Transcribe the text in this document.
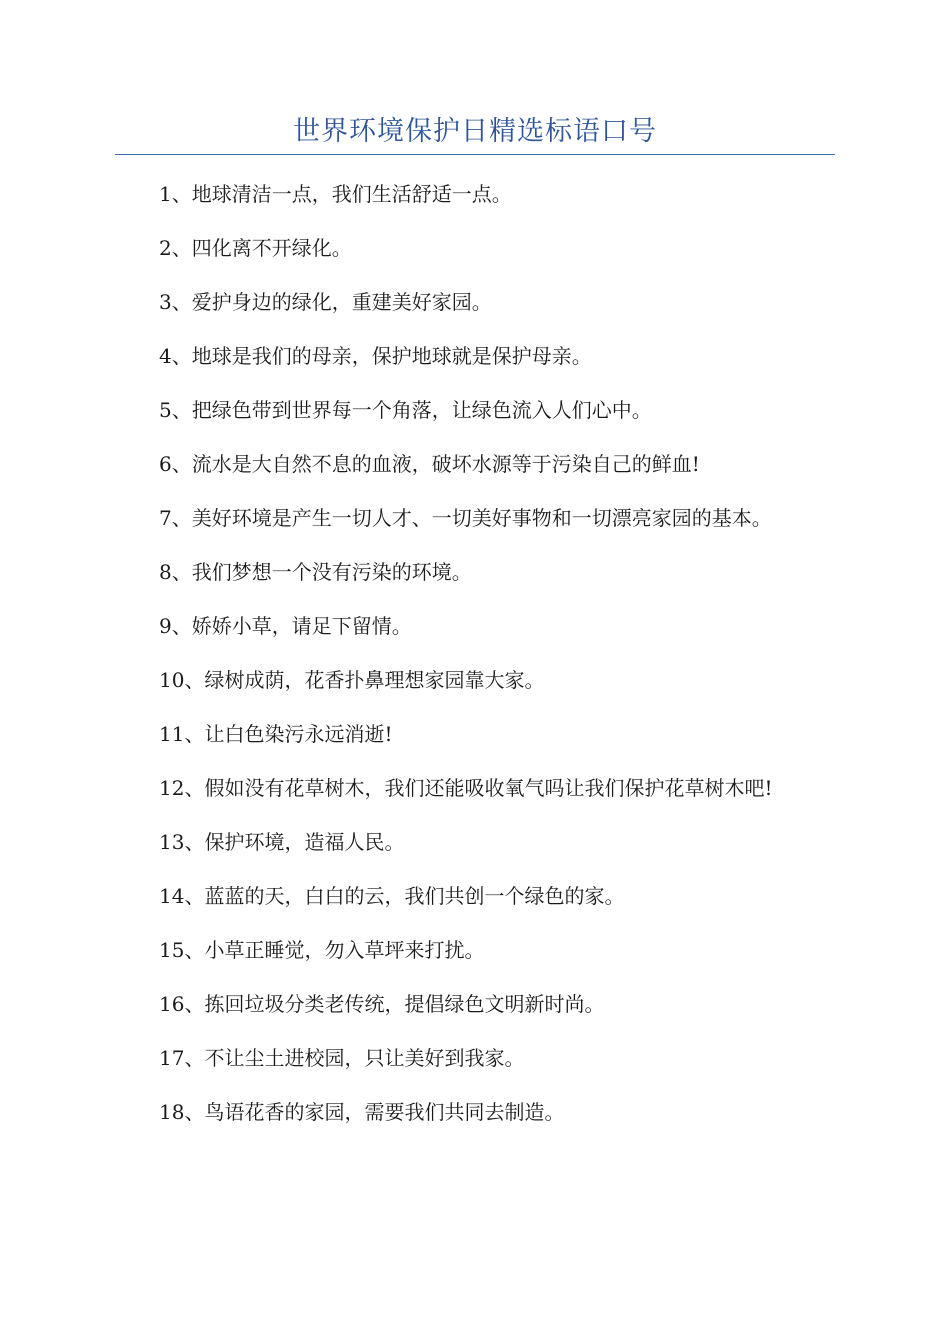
世界环境保护日精选标语口号

1、地球清洁一点，我们生活舒适一点。

2、四化离不开绿化。

3、爱护身边的绿化，重建美好家园。

4、地球是我们的母亲，保护地球就是保护母亲。

5、把绿色带到世界每一个角落，让绿色流入人们心中。

6、流水是大自然不息的血液，破坏水源等于污染自己的鲜血!

7、美好环境是产生一切人才、一切美好事物和一切漂亮家园的基本。

8、我们梦想一个没有污染的环境。

9、娇娇小草，请足下留情。

10、绿树成荫，花香扑鼻理想家园靠大家。

11、让白色染污永远消逝!

12、假如没有花草树木，我们还能吸收氧气吗让我们保护花草树木吧!

13、保护环境，造福人民。

14、蓝蓝的天，白白的云，我们共创一个绿色的家。

15、小草正睡觉，勿入草坪来打扰。

16、拣回垃圾分类老传统，提倡绿色文明新时尚。

17、不让尘土进校园，只让美好到我家。

18、鸟语花香的家园，需要我们共同去制造。
